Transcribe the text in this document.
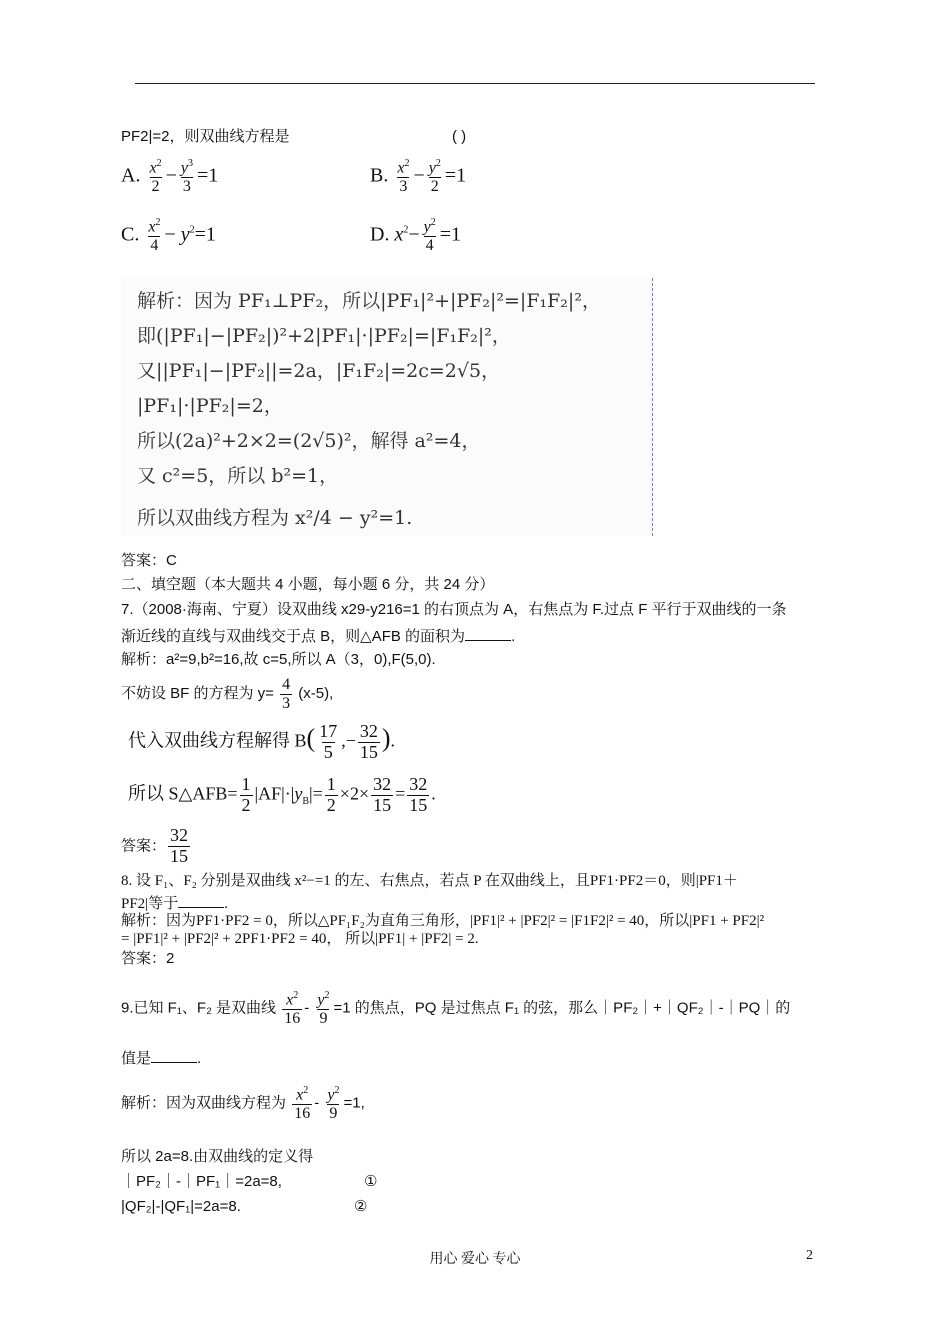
PF2|=2，则双曲线方程是	( )
A. $\frac{x^2}{2} - \frac{y^3}{3} =1$	B. $\frac{x^2}{3} - \frac{y^2}{2} =1$
C. $\frac{x^2}{4} - y^2=1$	D. $x^2- \frac{y^2}{4} =1$
解析：因为 PF₁⊥PF₂，所以|PF₁|²+|PF₂|²=|F₁F₂|²，
即(|PF₁|−|PF₂|)²+2|PF₁|·|PF₂|=|F₁F₂|²，
又||PF₁|−|PF₂||=2a，|F₁F₂|=2c=2√5，
|PF₁|·|PF₂|=2，
所以(2a)²+2×2=(2√5)²，解得 a²=4，
又 c²=5，所以 b²=1，
所以双曲线方程为 x²/4 − y²=1.
答案：C
二、填空题（本大题共 4 小题，每小题 6 分，共 24 分）
7.（2008·海南、宁夏）设双曲线 x29-y216=1 的右顶点为 A，右焦点为 F.过点 F 平行于双曲线的一条
渐近线的直线与双曲线交于点 B，则△AFB 的面积为	.
解析：a²=9,b²=16,故 c=5,所以 A（3，0),F(5,0).
不妨设 BF 的方程为 $y= \frac{4}{3} (x-5)$,
代入双曲线方程解得 $B( \frac{17}{5}$ ,− $\frac{32}{15}$ ).
所以 S△AFB= $\frac{1}{2} |AF|\cdot|y_B|= \frac{1}{2} \times 2\times \frac{32}{15} = \frac{32}{15}$ .
答案： $\frac{32}{15}$
8. 设 F₁、F₂ 分别是双曲线 x²−=1 的左、右焦点，若点 P 在双曲线上，且PF1·PF2＝0，则|PF1＋
PF2|等于	.
解析：因为PF1·PF2 = 0，所以△PF₁F₂为直角三角形，|PF1|² + |PF2|² = |F1F2|² = 40，所以|PF1 + PF2|²
= |PF1|² + |PF2|² + 2PF1·PF2 = 40， 所以|PF1| + |PF2| = 2.
答案：2
9.已知 F₁、F₂ 是双曲线 $\frac{x^2}{16} - \frac{y^2}{9} =1$ 的焦点，PQ 是过焦点 F₁ 的弦，那么｜PF₂｜+｜QF₂｜-｜PQ｜的
值是	.
解析：因为双曲线方程为 $\frac{x^2}{16} - \frac{y^2}{9} =1$,
所以 2a=8.由双曲线的定义得
｜PF₂｜-｜PF₁｜=2a=8,	①
|QF₂|-|QF₁|=2a=8.	②
用心 爱心 专心	2
